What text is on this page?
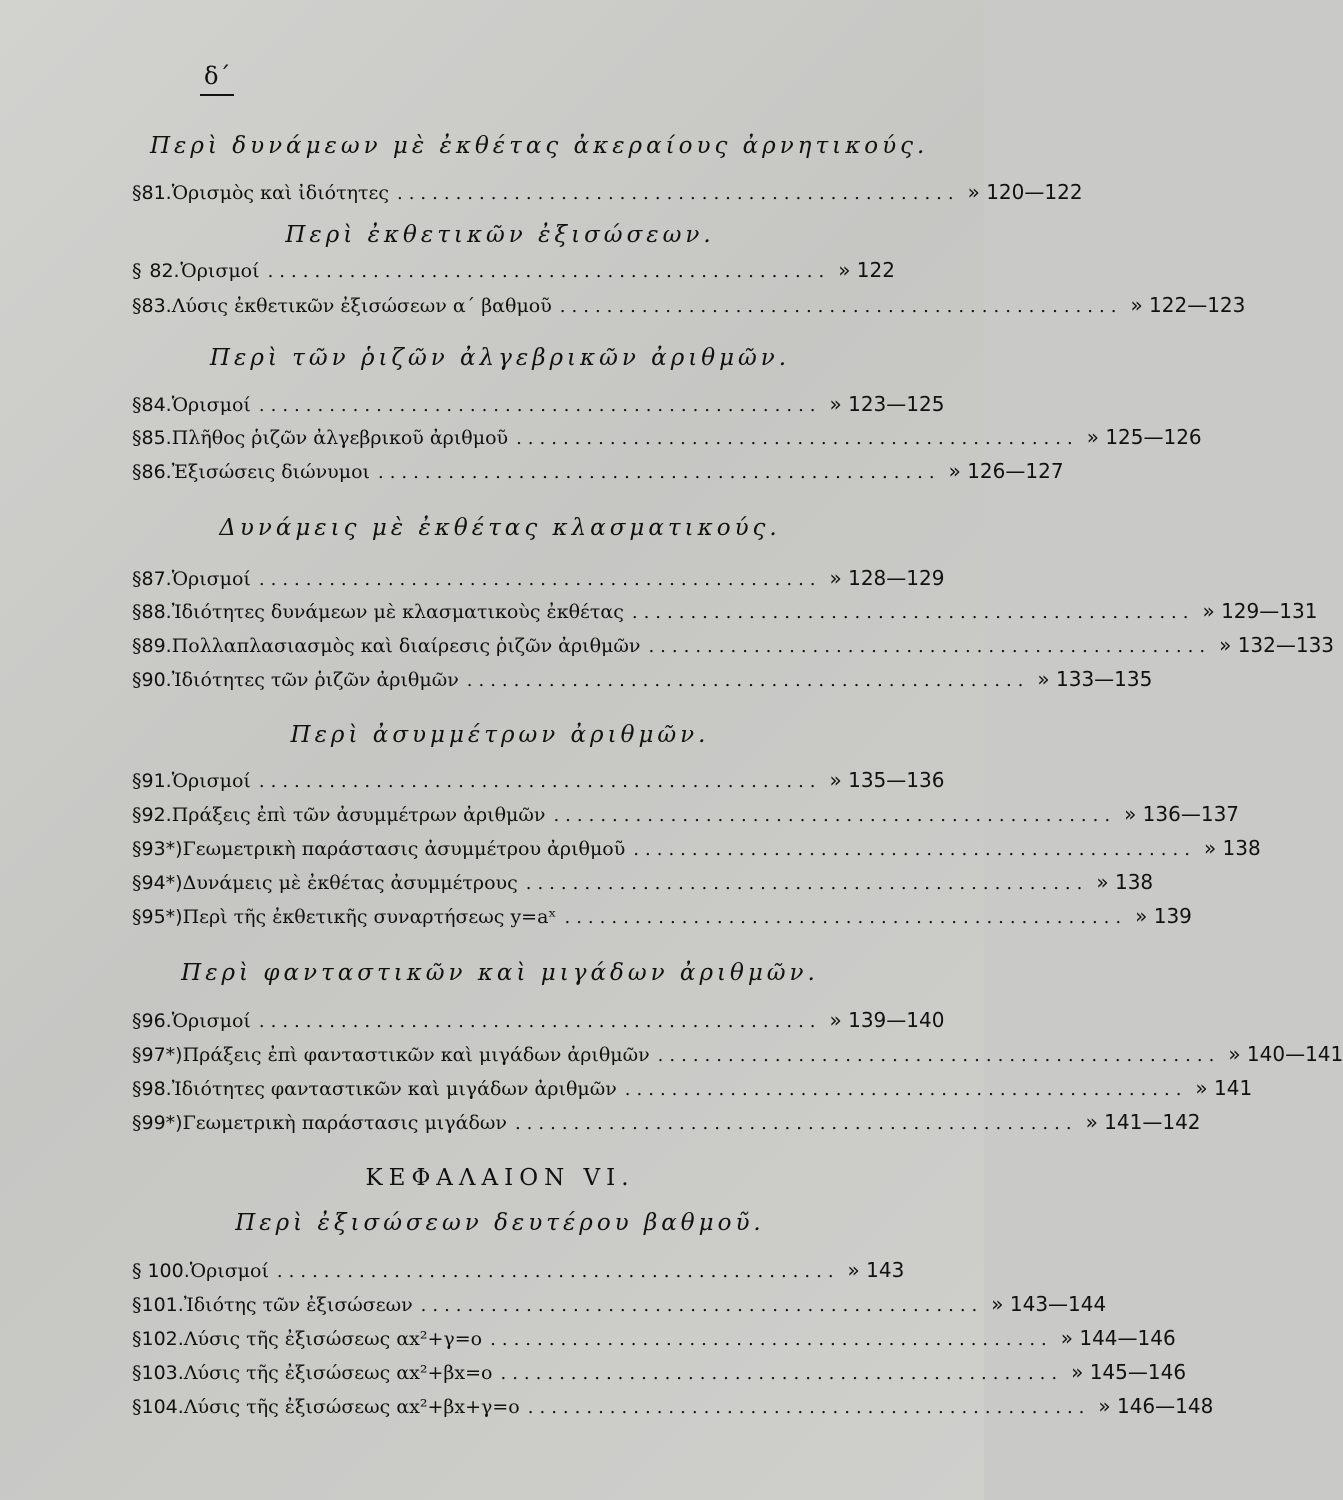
δ΄
Περὶ δυνάμεων μὲ ἐκθέτας ἀκεραίους ἀρνητικούς.
§ 81. Ὁρισμὸς καὶ ἰδιότητες ................................................ » 120—122
Περὶ ἐκθετικῶν ἐξισώσεων.
§ 82. Ὁρισμοί ................................................ » 122
§ 83. Λύσις ἐκθετικῶν ἐξισώσεων α΄ βαθμοῦ ................................................ » 122—123
Περὶ τῶν ῥιζῶν ἀλγεβρικῶν ἀριθμῶν.
§ 84. Ὁρισμοί ................................................ » 123—125
§ 85. Πλῆθος ῥιζῶν ἀλγεβρικοῦ ἀριθμοῦ ................................................ » 125—126
§ 86. Ἐξισώσεις διώνυμοι ................................................ » 126—127
Δυνάμεις μὲ ἐκθέτας κλασματικούς.
§ 87. Ὁρισμοί ................................................ » 128—129
§ 88. Ἰδιότητες δυνάμεων μὲ κλασματικοὺς ἐκθέτας ................................................ » 129—131
§ 89. Πολλαπλασιασμὸς καὶ διαίρεσις ῥιζῶν ἀριθμῶν ................................................ » 132—133
§ 90. Ἰδιότητες τῶν ῥιζῶν ἀριθμῶν ................................................ » 133—135
Περὶ ἀσυμμέτρων ἀριθμῶν.
§ 91. Ὁρισμοί ................................................ » 135—136
§ 92. Πράξεις ἐπὶ τῶν ἀσυμμέτρων ἀριθμῶν ................................................ » 136—137
§ 93*) Γεωμετρικὴ παράστασις ἀσυμμέτρου ἀριθμοῦ ................................................ » 138
§ 94*) Δυνάμεις μὲ ἐκθέτας ἀσυμμέτρους ................................................ » 138
§ 95*) Περὶ τῆς ἐκθετικῆς συναρτήσεως y=aˣ ................................................ » 139
Περὶ φανταστικῶν καὶ μιγάδων ἀριθμῶν.
§ 96. Ὁρισμοί ................................................ » 139—140
§ 97*) Πράξεις ἐπὶ φανταστικῶν καὶ μιγάδων ἀριθμῶν ................................................ » 140—141
§ 98. Ἰδιότητες φανταστικῶν καὶ μιγάδων ἀριθμῶν ................................................ » 141
§ 99*) Γεωμετρικὴ παράστασις μιγάδων ................................................ » 141—142
ΚΕΦΑΛΑΙΟΝ VI.
Περὶ ἐξισώσεων δευτέρου βαθμοῦ.
§ 100. Ὁρισμοί ................................................ » 143
§ 101. Ἰδιότης τῶν ἐξισώσεων ................................................ » 143—144
§ 102. Λύσις τῆς ἐξισώσεως αx²+γ=ο ................................................ » 144—146
§ 103. Λύσις τῆς ἐξισώσεως αx²+βx=ο ................................................ » 145—146
§ 104. Λύσις τῆς ἐξισώσεως αx²+βx+γ=ο ................................................ » 146—148
